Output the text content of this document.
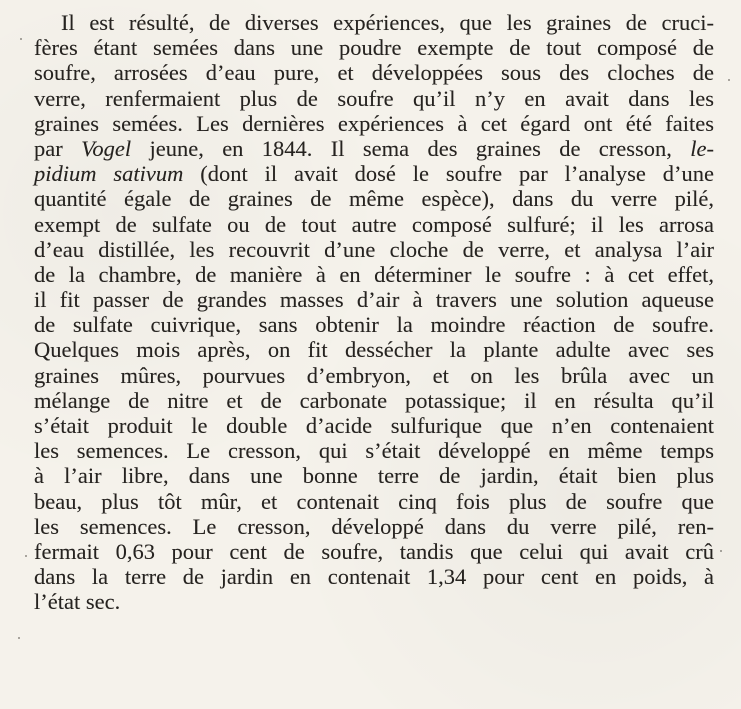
Il est résulté, de diverses expériences, que les graines de cruci-
fères étant semées dans une poudre exempte de tout composé de
soufre, arrosées d’eau pure, et développées sous des cloches de
verre, renfermaient plus de soufre qu’il n’y en avait dans les
graines semées. Les dernières expériences à cet égard ont été faites
par Vogel jeune, en 1844. Il sema des graines de cresson, le-
pidium sativum (dont il avait dosé le soufre par l’analyse d’une
quantité égale de graines de même espèce), dans du verre pilé,
exempt de sulfate ou de tout autre composé sulfuré; il les arrosa
d’eau distillée, les recouvrit d’une cloche de verre, et analysa l’air
de la chambre, de manière à en déterminer le soufre : à cet effet,
il fit passer de grandes masses d’air à travers une solution aqueuse
de sulfate cuivrique, sans obtenir la moindre réaction de soufre.
Quelques mois après, on fit dessécher la plante adulte avec ses
graines mûres, pourvues d’embryon, et on les brûla avec un
mélange de nitre et de carbonate potassique; il en résulta qu’il
s’était produit le double d’acide sulfurique que n’en contenaient
les semences. Le cresson, qui s’était développé en même temps
à l’air libre, dans une bonne terre de jardin, était bien plus
beau, plus tôt mûr, et contenait cinq fois plus de soufre que
les semences. Le cresson, développé dans du verre pilé, ren-
fermait 0,63 pour cent de soufre, tandis que celui qui avait crû
dans la terre de jardin en contenait 1,34 pour cent en poids, à
l’état sec.
